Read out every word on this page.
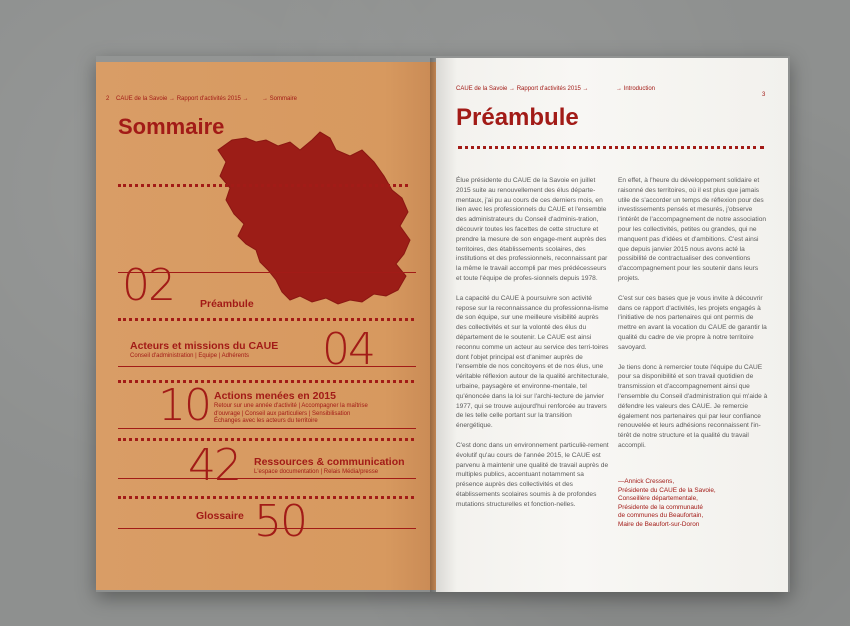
2 CAUE de la Savoie → Rapport d'activités 2015 → → Sommaire
Sommaire
02 Préambule
Acteurs et missions du CAUE
Conseil d'administration | Equipe | Adhérents 04
10 Actions menées en 2015
Retour sur une année d'activité | Accompagner la maîtrise
d'ouvrage | Conseil aux particuliers | Sensibilisation
Échanges avec les acteurs du territoire
42 Ressources & communication
L'espace documentation | Relais Média/presse
Glossaire 50
CAUE de la Savoie → Rapport d'activités 2015 →	→ Introduction
3
Préambule

Élue présidente du CAUE de la Savoie en juillet 2015 suite au renouvellement des élus départe-mentaux, j'ai pu au cours de ces derniers mois, en lien avec les professionnels du CAUE et l'ensemble des administrateurs du Conseil d'adminis-tration, découvrir toutes les facettes de cette structure et prendre la mesure de son engage-ment auprès des territoires, des établissements scolaires, des institutions et des professionnels, reconnaissant par la même le travail accompli par mes prédécesseurs et toute l'équipe de profes-sionnels depuis 1978.

La capacité du CAUE à poursuivre son activité repose sur la reconnaissance du professionna-lisme de son équipe, sur une meilleure visibilité auprès des collectivités et sur la volonté des élus du département de le soutenir. Le CAUE est ainsi reconnu comme un acteur au service des terri-toires dont l'objet principal est d'animer auprès de l'ensemble de nos concitoyens et de nos élus, une véritable réflexion autour de la qualité architecturale, urbaine, paysagère et environne-mentale, tel qu'énoncée dans la loi sur l'archi-tecture de janvier 1977, qui se trouve aujourd'hui renforcée au travers de les telle celle portant sur la transition énergétique.

C'est donc dans un environnement particuliè-rement évolutif qu'au cours de l'année 2015, le CAUE est parvenu à maintenir une qualité de travail auprès de multiples publics, accentuant notamment sa présence auprès des collectivités et des établissements scolaires soumis à de profondes mutations structurelles et fonction-nelles.

En effet, à l'heure du développement solidaire et raisonné des territoires, où il est plus que jamais utile de s'accorder un temps de réflexion pour des investissements pensés et mesurés, j'observe l'intérêt de l'accompagnement de notre association pour les collectivités, petites ou grandes, qui ne manquent pas d'idées et d'ambitions. C'est ainsi que depuis janvier 2015 nous avons acté la possibilité de contractualiser des conventions d'accompagnement pour les soutenir dans leurs projets.

C'est sur ces bases que je vous invite à découvrir dans ce rapport d'activités, les projets engagés à l'initiative de nos partenaires qui ont permis de mettre en avant la vocation du CAUE de garantir la qualité du cadre de vie propre à notre territoire savoyard.

Je tiens donc à remercier toute l'équipe du CAUE pour sa disponibilité et son travail quotidien de transmission et d'accompagnement ainsi que l'ensemble du Conseil d'administration qui m'aide à défendre les valeurs des CAUE. Je remercie également nos partenaires qui par leur confiance renouvelée et leurs adhésions reconnaissent l'in-térêt de notre structure et la qualité du travail accompli.

—Annick Cressens,
Présidente du CAUE de la Savoie,
Conseillère départementale,
Présidente de la communauté
de communes du Beaufortain,
Maire de Beaufort-sur-Doron
